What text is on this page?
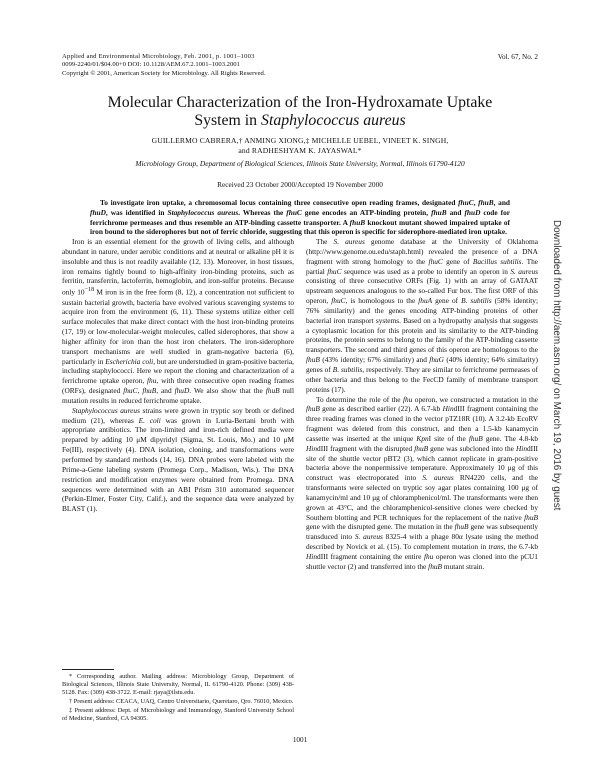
Applied and Environmental Microbiology, Feb. 2001, p. 1001–1003
0099-2240/01/$04.00+0 DOI: 10.1128/AEM.67.2.1001–1003.2001
Copyright © 2001, American Society for Microbiology. All Rights Reserved.
Vol. 67, No. 2
Molecular Characterization of the Iron-Hydroxamate Uptake
System in Staphylococcus aureus
GUILLERMO CABRERA,† ANMING XIONG,‡ MICHELLE UEBEL, VINEET K. SINGH,
and RADHESHYAM K. JAYASWAL*
Microbiology Group, Department of Biological Sciences, Illinois State University, Normal, Illinois 61790-4120
Received 23 October 2000/Accepted 19 November 2000
To investigate iron uptake, a chromosomal locus containing three consecutive open reading frames, designated fhuC, fhuB, and fhuD, was identified in Staphylococcus aureus. Whereas the fhuC gene encodes an ATP-binding protein, fhuB and fhuD code for ferrichrome permeases and thus resemble an ATP-binding cassette transporter. A fhuB knockout mutant showed impaired uptake of iron bound to the siderophores but not of ferric chloride, suggesting that this operon is specific for siderophore-mediated iron uptake.

Iron is an essential element for the growth of living cells, and although abundant in nature, under aerobic conditions and at neutral or alkaline pH it is insoluble and thus is not readily available (12, 13). Moreover, in host tissues, iron remains tightly bound to high-affinity iron-binding proteins, such as ferritin, transferrin, lactoferrin, hemoglobin, and iron-sulfur proteins. Because only $10^{-18}$ M iron is in the free form (8, 12), a concentration not sufficient to sustain bacterial growth, bacteria have evolved various scavenging systems to acquire iron from the environment (6, 11). These systems utilize either cell surface molecules that make direct contact with the host iron-binding proteins (17, 19) or low-molecular-weight molecules, called siderophores, that show a higher affinity for iron than the host iron chelaters. The iron-siderophore transport mechanisms are well studied in gram-negative bacteria (6), particularly in Escherichia coli, but are understudied in gram-positive bacteria, including staphylococci. Here we report the cloning and characterization of a ferrichrome uptake operon, fhu, with three consecutive open reading frames (ORFs), designated fhuC, fhuB, and fhuD. We also show that the fhuB null mutation results in reduced ferrichrome uptake.

Staphylococcus aureus strains were grown in tryptic soy broth or defined medium (21), whereas E. coli was grown in Luria-Bertani broth with appropriate antibiotics. The iron-limited and iron-rich defined media were prepared by adding 10 μM dipyridyl (Sigma, St. Louis, Mo.) and 10 μM Fe(III), respectively (4). DNA isolation, cloning, and transformations were performed by standard methods (14, 16). DNA probes were labeled with the Prime-a-Gene labeling system (Promega Corp., Madison, Wis.). The DNA restriction and modification enzymes were obtained from Promega. DNA sequences were determined with an ABI Prism 310 automated sequencer (Perkin-Elmer, Foster City, Calif.), and the sequence data were analyzed by BLAST (1).

The S. aureus genome database at the University of Oklahoma (http://www.genome.ou.edu/staph.html) revealed the presence of a DNA fragment with strong homology to the fhuC gene of Bacillus subtilis. The partial fhuC sequence was used as a probe to identify an operon in S. aureus consisting of three consecutive ORFs (Fig. 1) with an array of GATAAT upstream sequences analogous to the so-called Fur box. The first ORF of this operon, fhuC, is homologous to the fhuA gene of B. subtilis (58% identity; 76% similarity) and the genes encoding ATP-binding proteins of other bacterial iron transport systems. Based on a hydropathy analysis that suggests a cytoplasmic location for this protein and its similarity to the ATP-binding proteins, the protein seems to belong to the family of the ATP-binding cassette transporters. The second and third genes of this operon are homologous to the fhuB (43% identity; 67% similarity) and fhuG (40% identity; 64% similarity) genes of B. subtilis, respectively. They are similar to ferrichrome permeases of other bacteria and thus belong to the FecCD family of membrane transport proteins (17).

To determine the role of the fhu operon, we constructed a mutation in the fhuB gene as described earlier (22). A 6.7-kb HindIII fragment containing the three reading frames was cloned in the vector pTZ18R (10). A 3.2-kb EcoRV fragment was deleted from this construct, and then a 1.5-kb kanamycin cassette was inserted at the unique KpnI site of the fhuB gene. The 4.8-kb HindIII fragment with the disrupted fhuB gene was subcloned into the HindIII site of the shuttle vector pBT2 (3), which cannot replicate in gram-positive bacteria above the nonpermissive temperature. Approximately 10 μg of this construct was electroporated into S. aureus RN4220 cells, and the transformants were selected on tryptic soy agar plates containing 100 μg of kanamycin/ml and 10 μg of chloramphenicol/ml. The transformants were then grown at 43°C, and the chloramphenicol-sensitive clones were checked by Southern blotting and PCR techniques for the replacement of the native fhuB gene with the disrupted gene. The mutation in the fhuB gene was subsequently transduced into S. aureus 8325-4 with a phage 80α lysate using the method described by Novick et al. (15). To complement mutation in trans, the 6.7-kb HindIII fragment containing the entire fhu operon was cloned into the pCU1 shuttle vector (2) and transferred into the fhuB mutant strain.

* Corresponding author. Mailing address: Microbiology Group, Department of Biological Sciences, Illinois State University, Normal, IL 61790-4120. Phone: (309) 438-5128. Fax: (309) 438-3722. E-mail: rjaya@ilstu.edu.

† Present address: CEACA, UAQ, Centro Universitario, Queretaro, Qro. 76010, Mexico.

‡ Present address: Dept. of Microbiology and Immunology, Stanford University School of Medicine, Stanford, CA 94305.

1001
Downloaded from http://aem.asm.org/ on March 19, 2016 by guest
